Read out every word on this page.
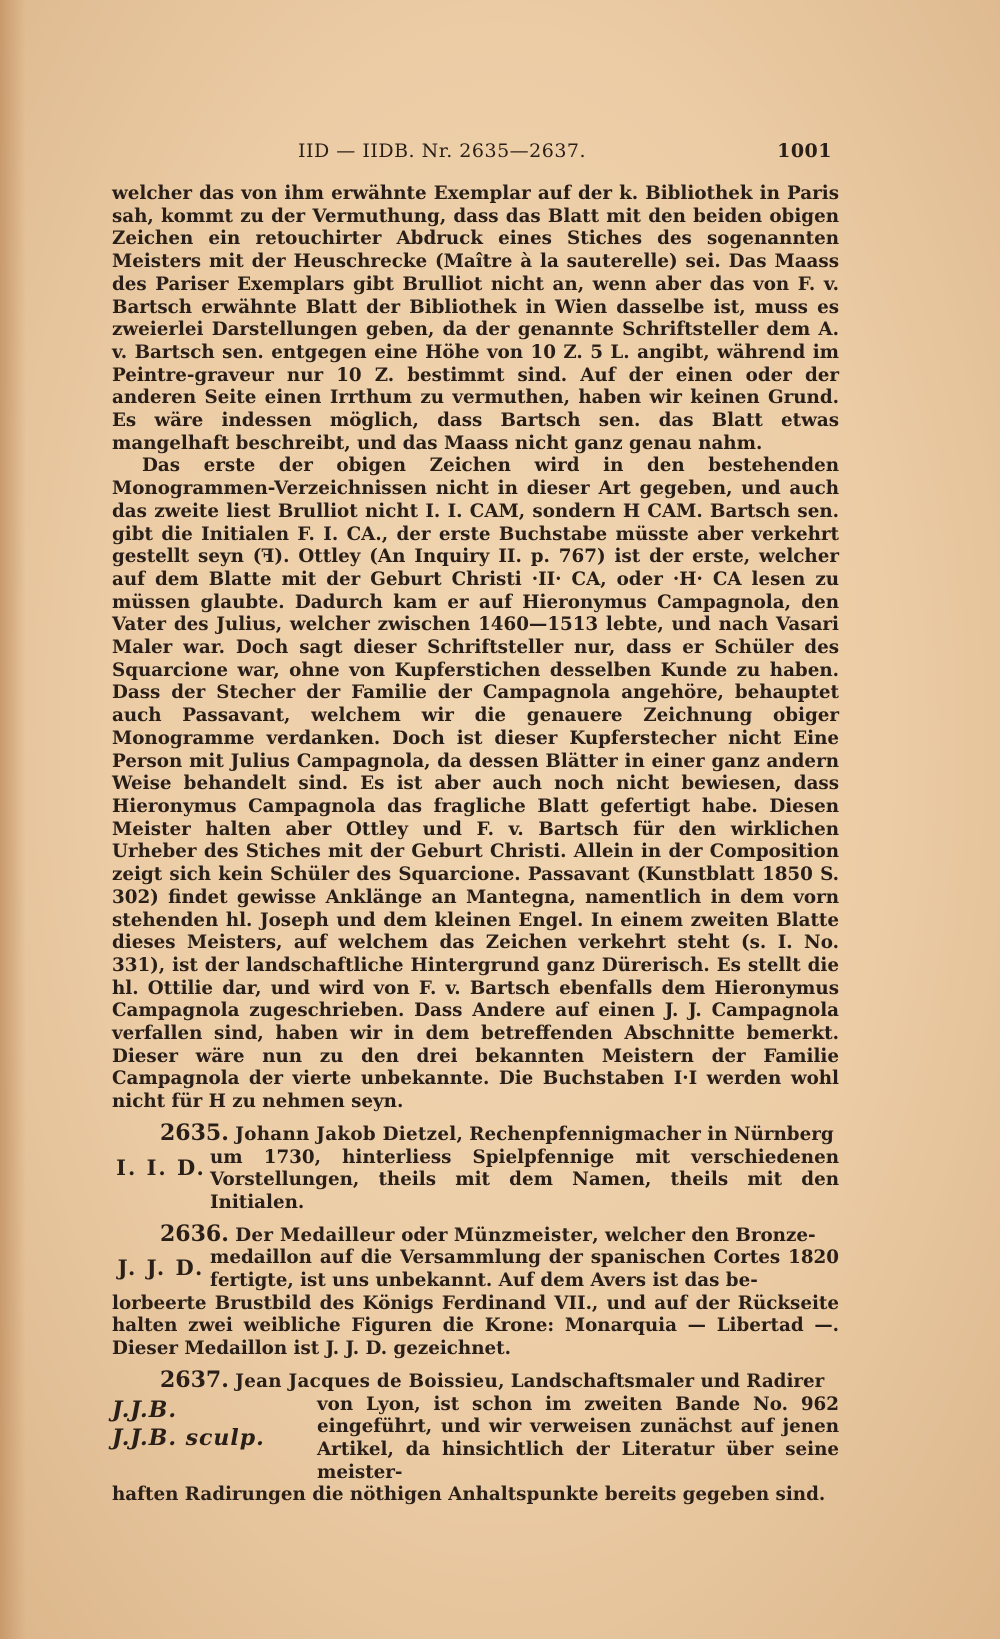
IID — IIDB. Nr. 2635—2637.	1001

welcher das von ihm erwähnte Exemplar auf der k. Bibliothek in Paris sah, kommt zu der Vermuthung, dass das Blatt mit den beiden obigen Zeichen ein retouchirter Abdruck eines Stiches des sogenannten Meisters mit der Heuschrecke (Maître à la sauterelle) sei. Das Maass des Pariser Exemplars gibt Brulliot nicht an, wenn aber das von F. v. Bartsch erwähnte Blatt der Bibliothek in Wien dasselbe ist, muss es zweierlei Darstellungen geben, da der genannte Schriftsteller dem A. v. Bartsch sen. entgegen eine Höhe von 10 Z. 5 L. angibt, während im Peintre-graveur nur 10 Z. bestimmt sind. Auf der einen oder der anderen Seite einen Irrthum zu vermuthen, haben wir keinen Grund. Es wäre indessen möglich, dass Bartsch sen. das Blatt etwas mangelhaft beschreibt, und das Maass nicht ganz genau nahm.

Das erste der obigen Zeichen wird in den bestehenden Monogrammen-Verzeichnissen nicht in dieser Art gegeben, und auch das zweite liest Brulliot nicht I. I. CAM, sondern H CAM. Bartsch sen. gibt die Initialen F. I. CA., der erste Buchstabe müsste aber verkehrt gestellt seyn (ꟻ). Ottley (An Inquiry II. p. 767) ist der erste, welcher auf dem Blatte mit der Geburt Christi ·II· CA, oder ·H· CA lesen zu müssen glaubte. Dadurch kam er auf Hieronymus Campagnola, den Vater des Julius, welcher zwischen 1460—1513 lebte, und nach Vasari Maler war. Doch sagt dieser Schriftsteller nur, dass er Schüler des Squarcione war, ohne von Kupferstichen desselben Kunde zu haben. Dass der Stecher der Familie der Campagnola angehöre, behauptet auch Passavant, welchem wir die genauere Zeichnung obiger Monogramme verdanken. Doch ist dieser Kupferstecher nicht Eine Person mit Julius Campagnola, da dessen Blätter in einer ganz andern Weise behandelt sind. Es ist aber auch noch nicht bewiesen, dass Hieronymus Campagnola das fragliche Blatt gefertigt habe. Diesen Meister halten aber Ottley und F. v. Bartsch für den wirklichen Urheber des Stiches mit der Geburt Christi. Allein in der Composition zeigt sich kein Schüler des Squarcione. Passavant (Kunstblatt 1850 S. 302) findet gewisse Anklänge an Mantegna, namentlich in dem vorn stehenden hl. Joseph und dem kleinen Engel. In einem zweiten Blatte dieses Meisters, auf welchem das Zeichen verkehrt steht (s. I. No. 331), ist der landschaftliche Hintergrund ganz Dürerisch. Es stellt die hl. Ottilie dar, und wird von F. v. Bartsch ebenfalls dem Hieronymus Campagnola zugeschrieben. Dass Andere auf einen J. J. Campagnola verfallen sind, haben wir in dem betreffenden Abschnitte bemerkt. Dieser wäre nun zu den drei bekannten Meistern der Familie Campagnola der vierte unbekannte. Die Buchstaben I·I werden wohl nicht für H zu nehmen seyn.

2635. Johann Jakob Dietzel, Rechenpfennigmacher in Nürnberg

I. I. D. um 1730, hinterliess Spielpfennige mit verschiedenen Vorstellungen, theils mit dem Namen, theils mit den Initialen.

2636. Der Medailleur oder Münzmeister, welcher den Bronze-

J. J. D. medaillon auf die Versammlung der spanischen Cortes 1820 fertigte, ist uns unbekannt. Auf dem Avers ist das be-

lorbeerte Brustbild des Königs Ferdinand VII., und auf der Rückseite halten zwei weibliche Figuren die Krone: Monarquia — Libertad —. Dieser Medaillon ist J. J. D. gezeichnet.

2637. Jean Jacques de Boissieu, Landschaftsmaler und Radirer

J.J.B.
J.J.B. sculp.
von Lyon, ist schon im zweiten Bande No. 962 eingeführt, und wir verweisen zunächst auf jenen Artikel, da hinsichtlich der Literatur über seine meister-

haften Radirungen die nöthigen Anhaltspunkte bereits gegeben sind.
